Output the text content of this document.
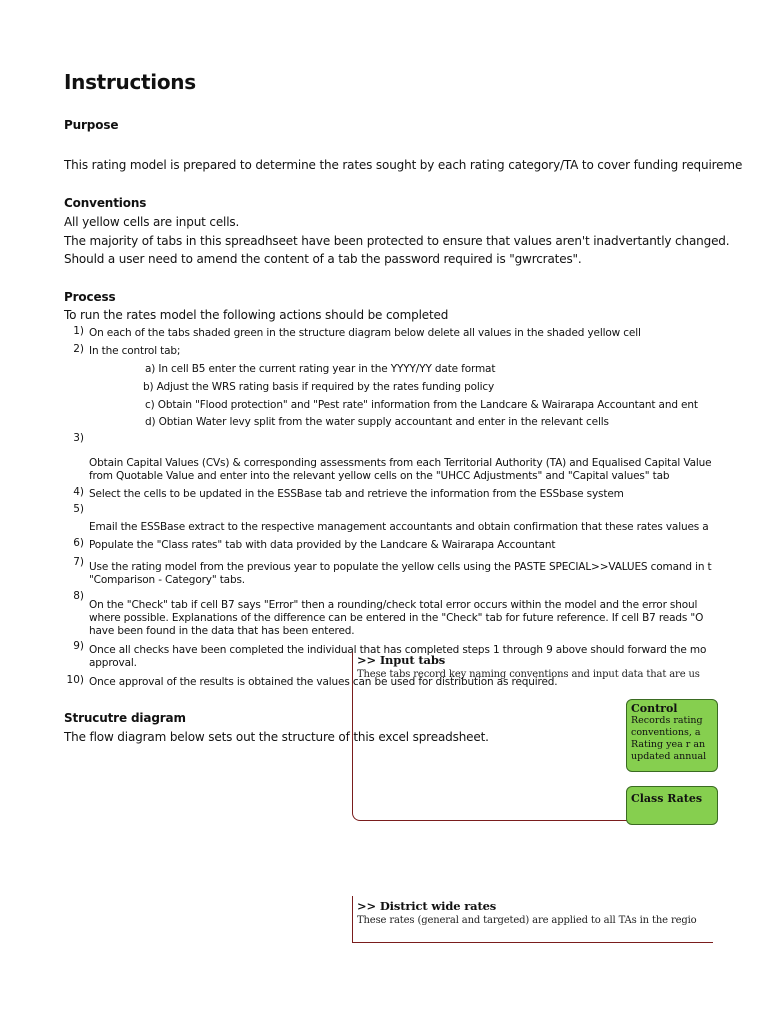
Instructions
Purpose
This rating model is prepared to determine the rates sought by each rating category/TA to cover funding requireme
Conventions
All yellow cells are input cells.
The majority of tabs in this spreadhseet have been protected to ensure that values aren't inadvertantly changed.
Should a user need to amend the content of a tab the password required is "gwrcrates".
Process
To run the rates model the following actions should be completed
1) On each of the tabs shaded green in the structure diagram below delete all values in the shaded yellow cell
2) In the control tab;
a) In cell B5 enter the current rating year in the YYYY/YY date format
b) Adjust the WRS rating basis if required by the rates funding policy
c) Obtain "Flood protection" and "Pest rate" information from the Landcare & Wairarapa Accountant and ent
d) Obtian Water levy split from the water supply accountant and enter in the relevant cells
3)
Obtain Capital Values (CVs) & corresponding assessments from each Territorial Authority (TA) and Equalised Capital Value
from Quotable Value and enter into the relevant yellow cells on the "UHCC Adjustments" and "Capital values" tab
4) Select the cells to be updated in the ESSBase tab and retrieve the information from the ESSbase system
5)
Email the ESSBase extract to the respective management accountants and obtain confirmation that these rates values a
6) Populate the "Class rates" tab with data provided by the Landcare & Wairarapa Accountant
7) Use the rating model from the previous year to populate the yellow cells using the PASTE SPECIAL>>VALUES comand in t
"Comparison - Category" tabs.
8)
On the "Check" tab if cell B7 says "Error" then a rounding/check total error occurs within the model and the error shoul
where possible. Explanations of the difference can be entered in the "Check" tab for future reference. If cell B7 reads "O
have been found in the data that has been entered.
9) Once all checks have been completed the individual that has completed steps 1 through 9 above should forward the mo
approval.
10) Once approval of the results is obtained the values can be used for distribution as required.
Strucutre diagram
The flow diagram below sets out the structure of this excel spreadsheet.
>> Input tabs
These tabs record key naming conventions and input data that are us
Control
Records rating
conventions, a
Rating yea r an
updated annual
Class Rates
>> District wide rates
These rates (general and targeted) are applied to all TAs in the regio
